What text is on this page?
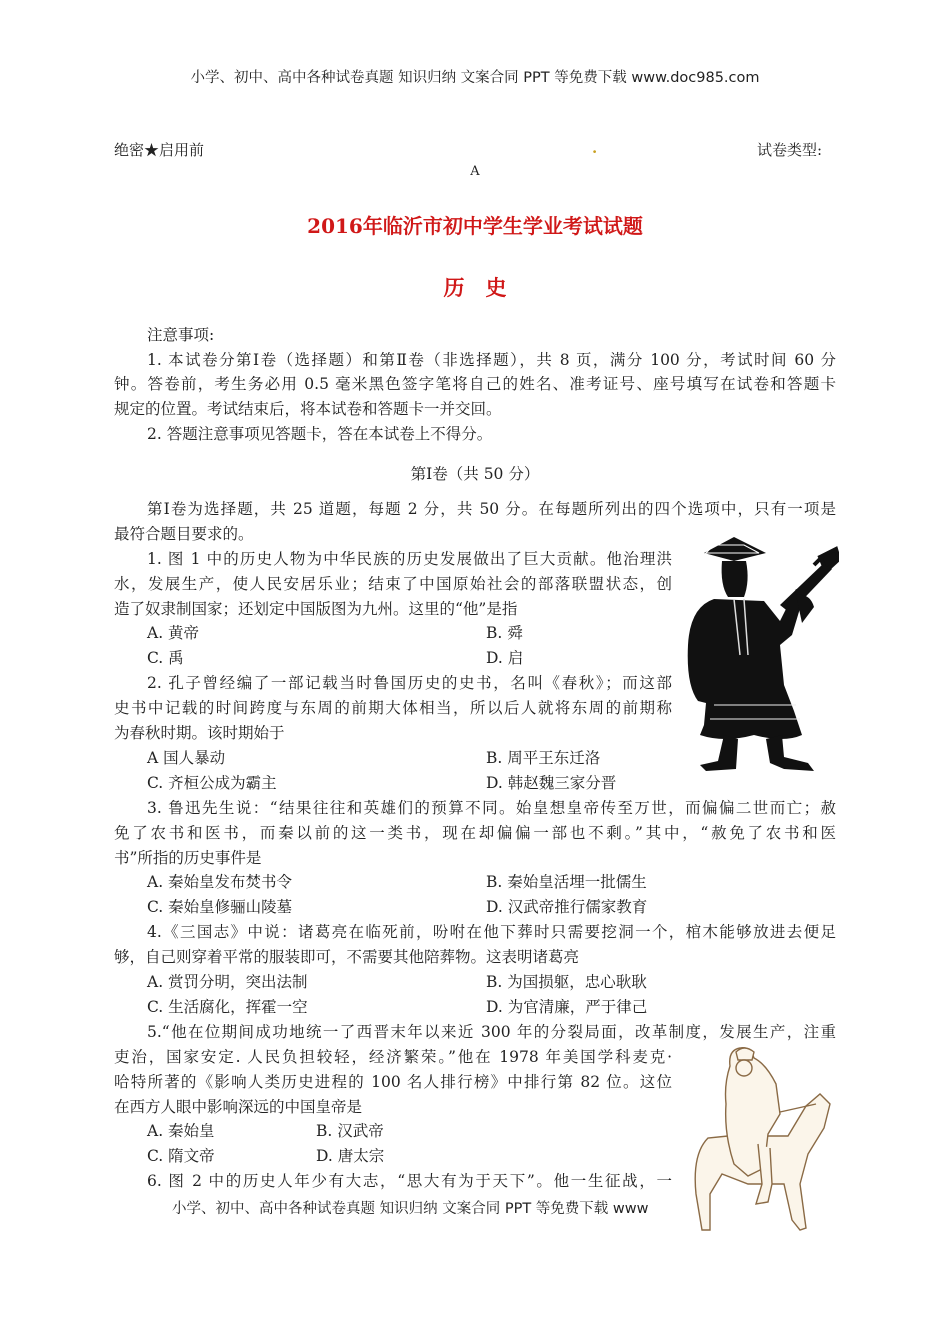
小学、初中、高中各种试卷真题 知识归纳 文案合同 PPT 等免费下载 www.doc985.com
绝密★启用前	.	试卷类型:
A
2016年临沂市初中学生学业考试试题
历　史
注意事项:
1. 本试卷分第Ⅰ卷（选择题）和第Ⅱ卷（非选择题），共 8 页，满分 100 分，考试时间 60 分
钟。答卷前，考生务必用 0.5 毫米黑色签字笔将自己的姓名、准考证号、座号填写在试卷和答题卡
规定的位置。考试结束后，将本试卷和答题卡一并交回。
2. 答题注意事项见答题卡，答在本试卷上不得分。
第Ⅰ卷（共 50 分）
第Ⅰ卷为选择题，共 25 道题，每题 2 分，共 50 分。在每题所列出的四个选项中，只有一项是
最符合题目要求的。
1. 图 1 中的历史人物为中华民族的历史发展做出了巨大贡献。他治理洪
水，发展生产，使人民安居乐业；结束了中国原始社会的部落联盟状态，创
造了奴隶制国家；还划定中国版图为九州。这里的“他”是指
A. 黄帝	B. 舜
C. 禹	D. 启
2. 孔子曾经编了一部记载当时鲁国历史的史书，名叫《春秋》；而这部
史书中记载的时间跨度与东周的前期大体相当，所以后人就将东周的前期称
为春秋时期。该时期始于
A 国人暴动	B. 周平王东迁洛
C. 齐桓公成为霸主	D. 韩赵魏三家分晋
3. 鲁迅先生说：“结果往往和英雄们的预算不同。始皇想皇帝传至万世，而偏偏二世而亡；赦
免了农书和医书，而秦以前的这一类书，现在却偏偏一部也不剩。”其中，“赦免了农书和医
书”所指的历史事件是
A. 秦始皇发布焚书令	B. 秦始皇活埋一批儒生
C. 秦始皇修骊山陵墓	D. 汉武帝推行儒家教育
4.《三国志》中说：诸葛亮在临死前，吩咐在他下葬时只需要挖洞一个，棺木能够放进去便足
够，自己则穿着平常的服装即可，不需要其他陪葬物。这表明诸葛亮
A. 赏罚分明，突出法制	B. 为国损躯，忠心耿耿
C. 生活腐化，挥霍一空	D. 为官清廉，严于律己
5.“他在位期间成功地统一了西晋末年以来近 300 年的分裂局面，改革制度，发展生产，注重
吏治，国家安定. 人民负担较轻，经济繁荣。”他在 1978 年美国学科麦克·
哈特所著的《影响人类历史进程的 100 名人排行榜》中排行第 82 位。这位
在西方人眼中影响深远的中国皇帝是
A. 秦始皇	B. 汉武帝
C. 隋文帝	D. 唐太宗
6. 图 2 中的历史人年少有大志，“思大有为于天下”。他一生征战，一
小学、初中、高中各种试卷真题 知识归纳 文案合同 PPT 等免费下载 www
